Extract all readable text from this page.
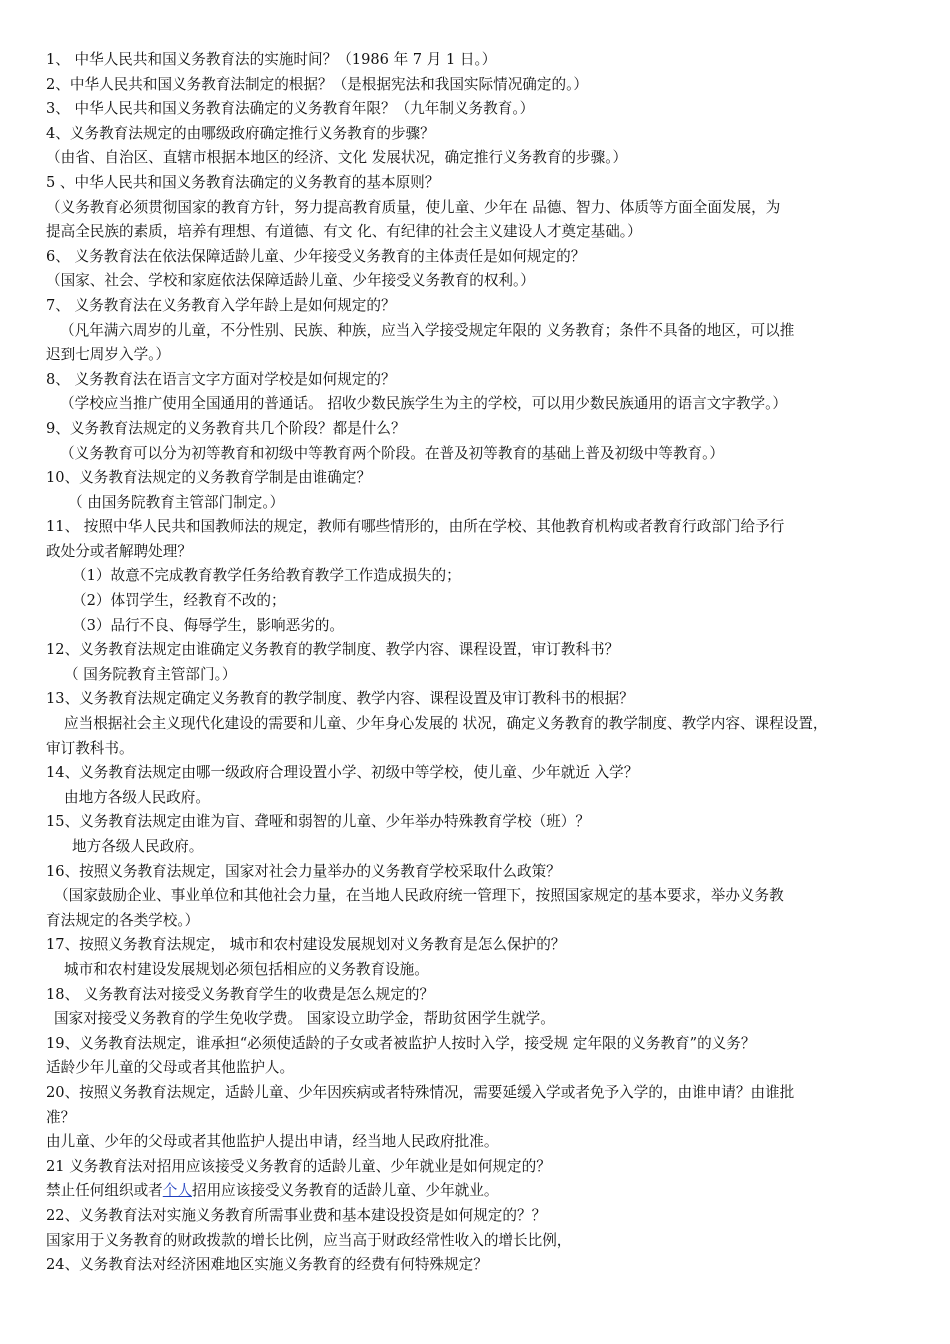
1、 中华人民共和国义务教育法的实施时间？（1986 年 7 月 1 日。）
2、中华人民共和国义务教育法制定的根据？（是根据宪法和我国实际情况确定的。）
3、 中华人民共和国义务教育法确定的义务教育年限？（九年制义务教育。）
4、义务教育法规定的由哪级政府确定推行义务教育的步骤？
（由省、自治区、直辖市根据本地区的经济、文化 发展状况，确定推行义务教育的步骤。）
5 、中华人民共和国义务教育法确定的义务教育的基本原则？
（义务教育必须贯彻国家的教育方针，努力提高教育质量，使儿童、少年在 品德、智力、体质等方面全面发展，为
提高全民族的素质，培养有理想、有道德、有文 化、有纪律的社会主义建设人才奠定基础。）
6、 义务教育法在依法保障适龄儿童、少年接受义务教育的主体责任是如何规定的？
（国家、社会、学校和家庭依法保障适龄儿童、少年接受义务教育的权利。）
7、 义务教育法在义务教育入学年龄上是如何规定的？
（凡年满六周岁的儿童，不分性别、民族、种族，应当入学接受规定年限的 义务教育；条件不具备的地区，可以推
迟到七周岁入学。）
8、 义务教育法在语言文字方面对学校是如何规定的？
（学校应当推广使用全国通用的普通话。 招收少数民族学生为主的学校，可以用少数民族通用的语言文字教学。）
9、义务教育法规定的义务教育共几个阶段？都是什么？
（义务教育可以分为初等教育和初级中等教育两个阶段。在普及初等教育的基础上普及初级中等教育。）
10、义务教育法规定的义务教育学制是由谁确定？
（ 由国务院教育主管部门制定。）
11、 按照中华人民共和国教师法的规定，教师有哪些情形的，由所在学校、其他教育机构或者教育行政部门给予行
政处分或者解聘处理？
（1）故意不完成教育教学任务给教育教学工作造成损失的；
（2）体罚学生，经教育不改的；
（3）品行不良、侮辱学生，影响恶劣的。
12、义务教育法规定由谁确定义务教育的教学制度、教学内容、课程设置，审订教科书？
（ 国务院教育主管部门。）
13、义务教育法规定确定义务教育的教学制度、教学内容、课程设置及审订教科书的根据？
应当根据社会主义现代化建设的需要和儿童、少年身心发展的 状况，确定义务教育的教学制度、教学内容、课程设置，
审订教科书。
14、义务教育法规定由哪一级政府合理设置小学、初级中等学校，使儿童、少年就近 入学？
由地方各级人民政府。
15、义务教育法规定由谁为盲、聋哑和弱智的儿童、少年举办特殊教育学校（班）？
地方各级人民政府。
16、按照义务教育法规定，国家对社会力量举办的义务教育学校采取什么政策？
（国家鼓励企业、事业单位和其他社会力量，在当地人民政府统一管理下，按照国家规定的基本要求，举办义务教
育法规定的各类学校。）
17、按照义务教育法规定， 城市和农村建设发展规划对义务教育是怎么保护的？
城市和农村建设发展规划必须包括相应的义务教育设施。
18、 义务教育法对接受义务教育学生的收费是怎么规定的？
国家对接受义务教育的学生免收学费。 国家设立助学金，帮助贫困学生就学。
19、义务教育法规定，谁承担“必须使适龄的子女或者被监护人按时入学，接受规 定年限的义务教育”的义务？
适龄少年儿童的父母或者其他监护人。
20、按照义务教育法规定，适龄儿童、少年因疾病或者特殊情况，需要延缓入学或者免予入学的，由谁申请？由谁批
准？
由儿童、少年的父母或者其他监护人提出申请，经当地人民政府批准。
21 义务教育法对招用应该接受义务教育的适龄儿童、少年就业是如何规定的？
禁止任何组织或者个人招用应该接受义务教育的适龄儿童、少年就业。
22、义务教育法对实施义务教育所需事业费和基本建设投资是如何规定的？？
国家用于义务教育的财政拨款的增长比例，应当高于财政经常性收入的增长比例，
24、义务教育法对经济困难地区实施义务教育的经费有何特殊规定？
